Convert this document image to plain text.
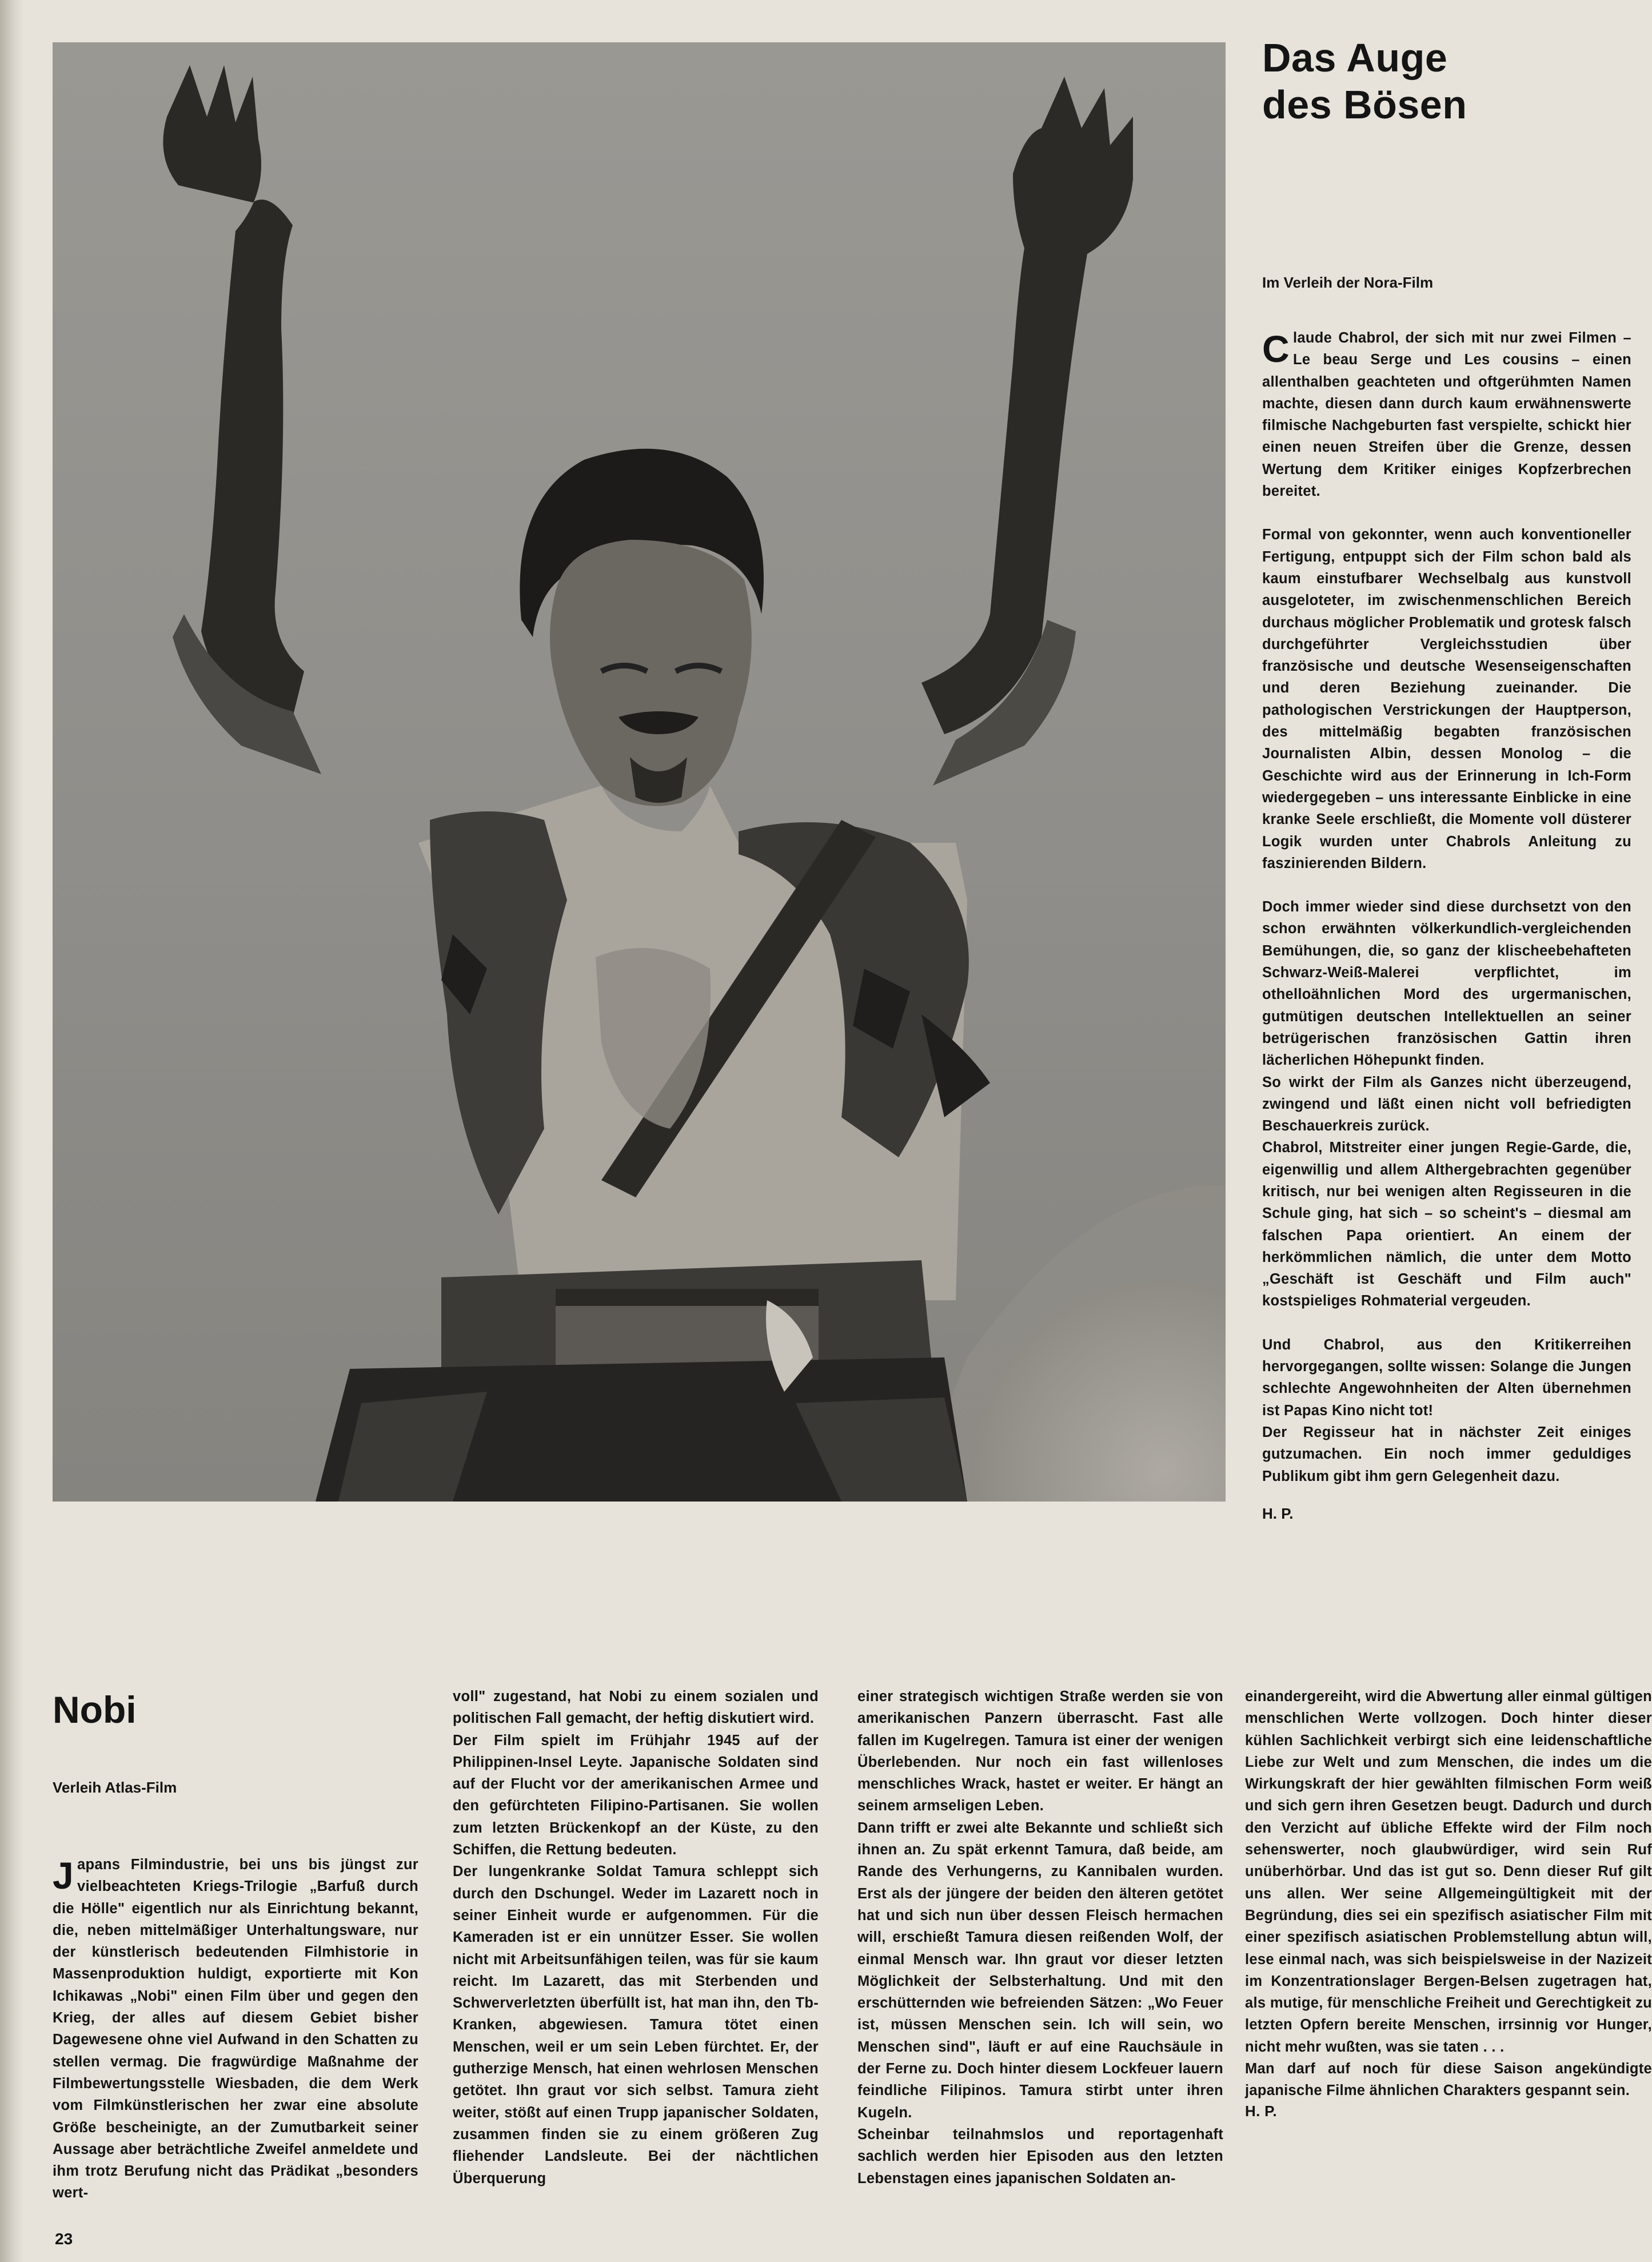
Das Auge
des Bösen

Im Verleih der Nora-Film

Claude Chabrol, der sich mit nur zwei Filmen – Le beau Serge und Les cousins – einen allenthalben geachteten und oftgerühmten Namen machte, diesen dann durch kaum erwähnenswerte filmische Nachgeburten fast verspielte, schickt hier einen neuen Streifen über die Grenze, dessen Wertung dem Kritiker einiges Kopfzerbrechen bereitet.

Formal von gekonnter, wenn auch konventioneller Fertigung, entpuppt sich der Film schon bald als kaum einstufbarer Wechselbalg aus kunstvoll ausgeloteter, im zwischenmenschlichen Bereich durchaus möglicher Problematik und grotesk falsch durchgeführter Vergleichsstudien über französische und deutsche Wesenseigenschaften und deren Beziehung zueinander. Die pathologischen Verstrickungen der Hauptperson, des mittelmäßig begabten französischen Journalisten Albin, dessen Monolog – die Geschichte wird aus der Erinnerung in Ich-Form wiedergegeben – uns interessante Einblicke in eine kranke Seele erschließt, die Momente voll düsterer Logik wurden unter Chabrols Anleitung zu faszinierenden Bildern.

Doch immer wieder sind diese durchsetzt von den schon erwähnten völkerkundlich-vergleichenden Bemühungen, die, so ganz der klischeebehafteten Schwarz-Weiß-Malerei verpflichtet, im othelloähnlichen Mord des urgermanischen, gutmütigen deutschen Intellektuellen an seiner betrügerischen französischen Gattin ihren lächerlichen Höhepunkt finden.

So wirkt der Film als Ganzes nicht überzeugend, zwingend und läßt einen nicht voll befriedigten Beschauerkreis zurück.

Chabrol, Mitstreiter einer jungen Regie-Garde, die, eigenwillig und allem Althergebrachten gegenüber kritisch, nur bei wenigen alten Regisseuren in die Schule ging, hat sich – so scheint's – diesmal am falschen Papa orientiert. An einem der herkömmlichen nämlich, die unter dem Motto „Geschäft ist Geschäft und Film auch" kostspieliges Rohmaterial vergeuden.

Und Chabrol, aus den Kritikerreihen hervorgegangen, sollte wissen: Solange die Jungen schlechte Angewohnheiten der Alten übernehmen ist Papas Kino nicht tot!

Der Regisseur hat in nächster Zeit einiges gutzumachen. Ein noch immer geduldiges Publikum gibt ihm gern Gelegenheit dazu.

H. P.

Nobi

Verleih Atlas-Film

Japans Filmindustrie, bei uns bis jüngst zur vielbeachteten Kriegs-Trilogie „Barfuß durch die Hölle" eigentlich nur als Einrichtung bekannt, die, neben mittelmäßiger Unterhaltungsware, nur der künstlerisch bedeutenden Filmhistorie in Massenproduktion huldigt, exportierte mit Kon Ichikawas „Nobi" einen Film über und gegen den Krieg, der alles auf diesem Gebiet bisher Dagewesene ohne viel Aufwand in den Schatten zu stellen vermag. Die fragwürdige Maßnahme der Filmbewertungsstelle Wiesbaden, die dem Werk vom Filmkünstlerischen her zwar eine absolute Größe bescheinigte, an der Zumutbarkeit seiner Aussage aber beträchtliche Zweifel anmeldete und ihm trotz Berufung nicht das Prädikat „besonders wert-

voll" zugestand, hat Nobi zu einem sozialen und politischen Fall gemacht, der heftig diskutiert wird.

Der Film spielt im Frühjahr 1945 auf der Philippinen-Insel Leyte. Japanische Soldaten sind auf der Flucht vor der amerikanischen Armee und den gefürchteten Filipino-Partisanen. Sie wollen zum letzten Brückenkopf an der Küste, zu den Schiffen, die Rettung bedeuten.

Der lungenkranke Soldat Tamura schleppt sich durch den Dschungel. Weder im Lazarett noch in seiner Einheit wurde er aufgenommen. Für die Kameraden ist er ein unnützer Esser. Sie wollen nicht mit Arbeitsunfähigen teilen, was für sie kaum reicht. Im Lazarett, das mit Sterbenden und Schwerverletzten überfüllt ist, hat man ihn, den Tb-Kranken, abgewiesen. Tamura tötet einen Menschen, weil er um sein Leben fürchtet. Er, der gutherzige Mensch, hat einen wehrlosen Menschen getötet. Ihn graut vor sich selbst. Tamura zieht weiter, stößt auf einen Trupp japanischer Soldaten, zusammen finden sie zu einem größeren Zug fliehender Landsleute. Bei der nächtlichen Überquerung

einer strategisch wichtigen Straße werden sie von amerikanischen Panzern überrascht. Fast alle fallen im Kugelregen. Tamura ist einer der wenigen Überlebenden. Nur noch ein fast willenloses menschliches Wrack, hastet er weiter. Er hängt an seinem armseligen Leben.

Dann trifft er zwei alte Bekannte und schließt sich ihnen an. Zu spät erkennt Tamura, daß beide, am Rande des Verhungerns, zu Kannibalen wurden. Erst als der jüngere der beiden den älteren getötet hat und sich nun über dessen Fleisch hermachen will, erschießt Tamura diesen reißenden Wolf, der einmal Mensch war. Ihn graut vor dieser letzten Möglichkeit der Selbsterhaltung. Und mit den erschütternden wie befreienden Sätzen: „Wo Feuer ist, müssen Menschen sein. Ich will sein, wo Menschen sind", läuft er auf eine Rauchsäule in der Ferne zu. Doch hinter diesem Lockfeuer lauern feindliche Filipinos. Tamura stirbt unter ihren Kugeln.

Scheinbar teilnahmslos und reportagenhaft sachlich werden hier Episoden aus den letzten Lebenstagen eines japanischen Soldaten an-

einandergereiht, wird die Abwertung aller einmal gültigen menschlichen Werte vollzogen. Doch hinter dieser kühlen Sachlichkeit verbirgt sich eine leidenschaftliche Liebe zur Welt und zum Menschen, die indes um die Wirkungskraft der hier gewählten filmischen Form weiß und sich gern ihren Gesetzen beugt. Dadurch und durch den Verzicht auf übliche Effekte wird der Film noch sehenswerter, noch glaubwürdiger, wird sein Ruf unüberhörbar. Und das ist gut so. Denn dieser Ruf gilt uns allen. Wer seine Allgemeingültigkeit mit der Begründung, dies sei ein spezifisch asiatischer Film mit einer spezifisch asiatischen Problemstellung abtun will, lese einmal nach, was sich beispielsweise in der Nazizeit im Konzentrationslager Bergen-Belsen zugetragen hat, als mutige, für menschliche Freiheit und Gerechtigkeit zu letzten Opfern bereite Menschen, irrsinnig vor Hunger, nicht mehr wußten, was sie taten . . .

Man darf auf noch für diese Saison angekündigte japanische Filme ähnlichen Charakters gespannt sein.

H. P.

23
